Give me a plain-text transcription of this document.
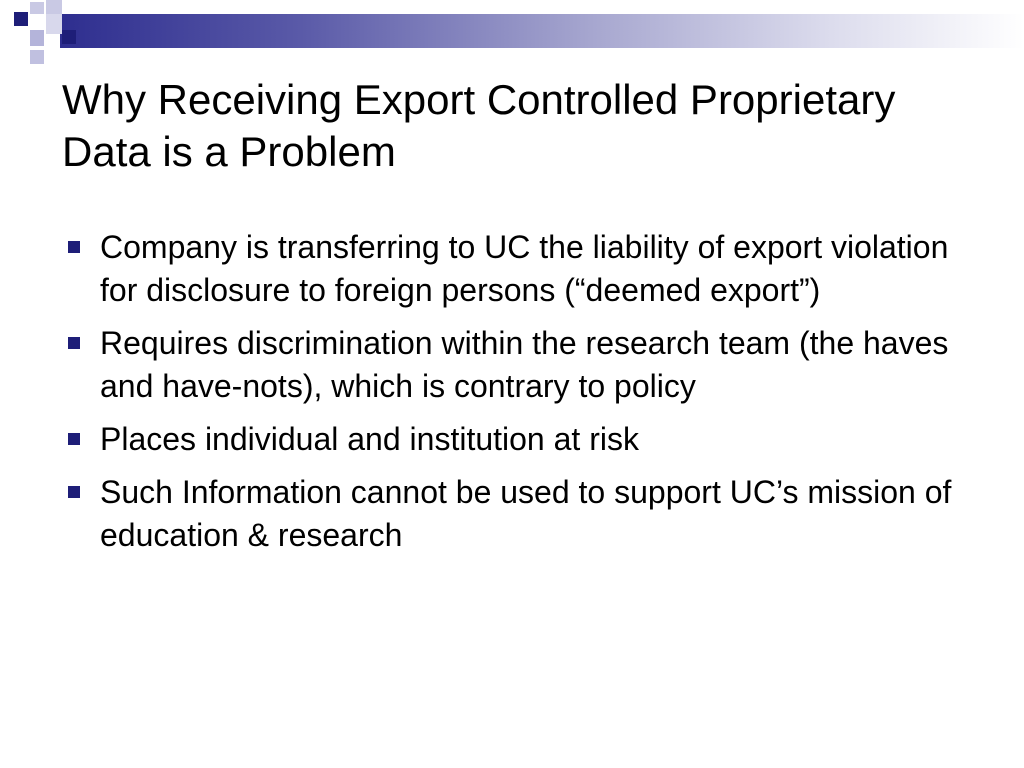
Why Receiving Export Controlled Proprietary Data is a Problem
Company is transferring to UC the liability of export violation for disclosure to foreign persons (“deemed export”)
Requires discrimination within the research team (the haves and have-nots), which is contrary to policy
Places individual and institution at risk
Such Information cannot be used to support UC’s mission of education & research
